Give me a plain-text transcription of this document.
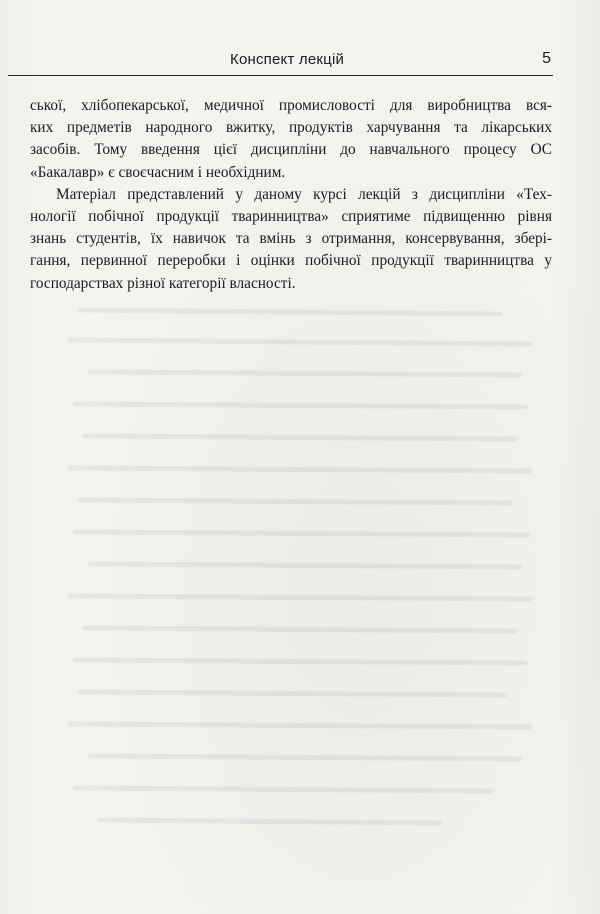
Конспект лекцій	5

ської, хлібопекарської, медичної промисловості для виробництва вся-

ких предметів народного вжитку, продуктів харчування та лікарських

засобів. Тому введення цієї дисципліни до навчального процесу ОС

«Бакалавр» є своєчасним і необхідним.

Матеріал представлений у даному курсі лекцій з дисципліни «Тех-

нології побічної продукції тваринництва» сприятиме підвищенню рівня

знань студентів, їх навичок та вмінь з отримання, консервування, збері-

гання, первинної переробки і оцінки побічної продукції тваринництва у

господарствах різної категорії власності.
